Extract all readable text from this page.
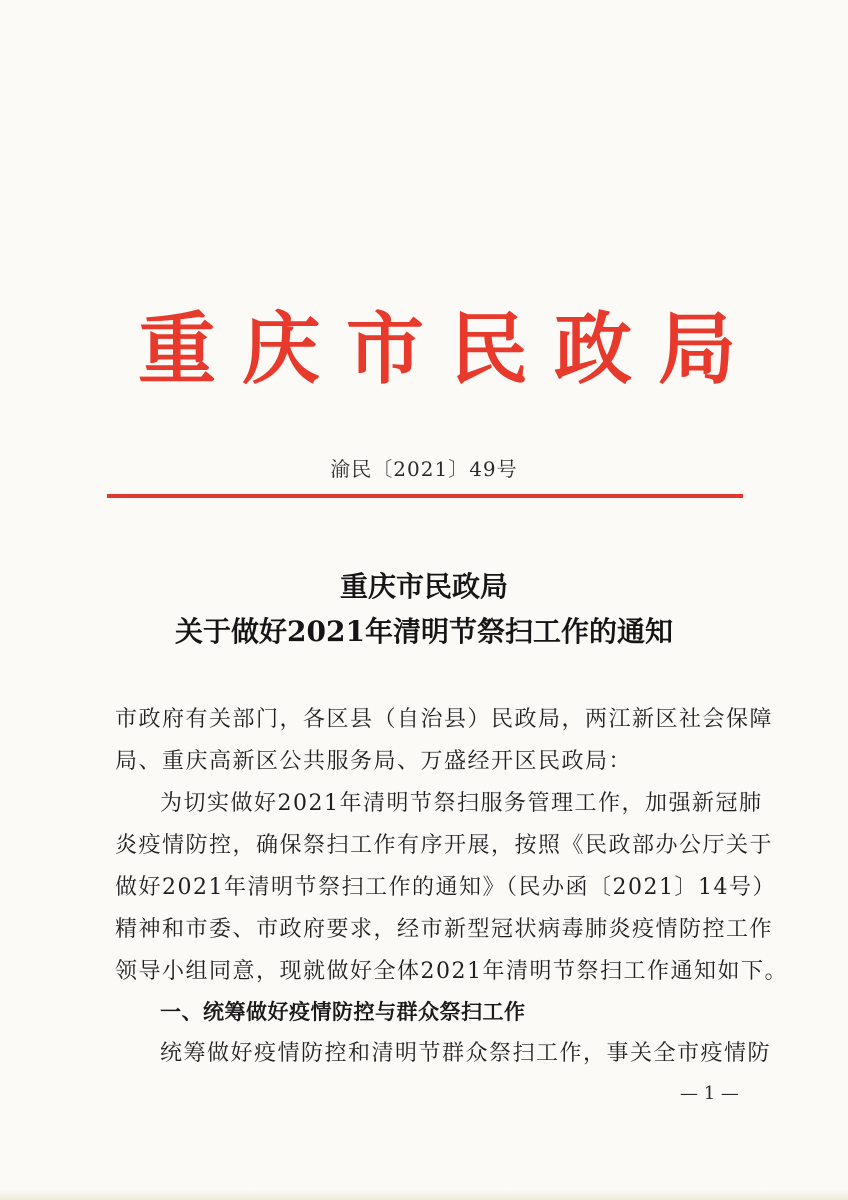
重庆市民政局
渝民〔2021〕49号
重庆市民政局
关于做好2021年清明节祭扫工作的通知
市政府有关部门，各区县（自治县）民政局，两江新区社会保障
局、重庆高新区公共服务局、万盛经开区民政局：
为切实做好2021年清明节祭扫服务管理工作，加强新冠肺
炎疫情防控，确保祭扫工作有序开展，按照《民政部办公厅关于
做好2021年清明节祭扫工作的通知》（民办函〔2021〕14号）
精神和市委、市政府要求，经市新型冠状病毒肺炎疫情防控工作
领导小组同意，现就做好全体2021年清明节祭扫工作通知如下。
一、统筹做好疫情防控与群众祭扫工作
统筹做好疫情防控和清明节群众祭扫工作，事关全市疫情防
— 1 —
